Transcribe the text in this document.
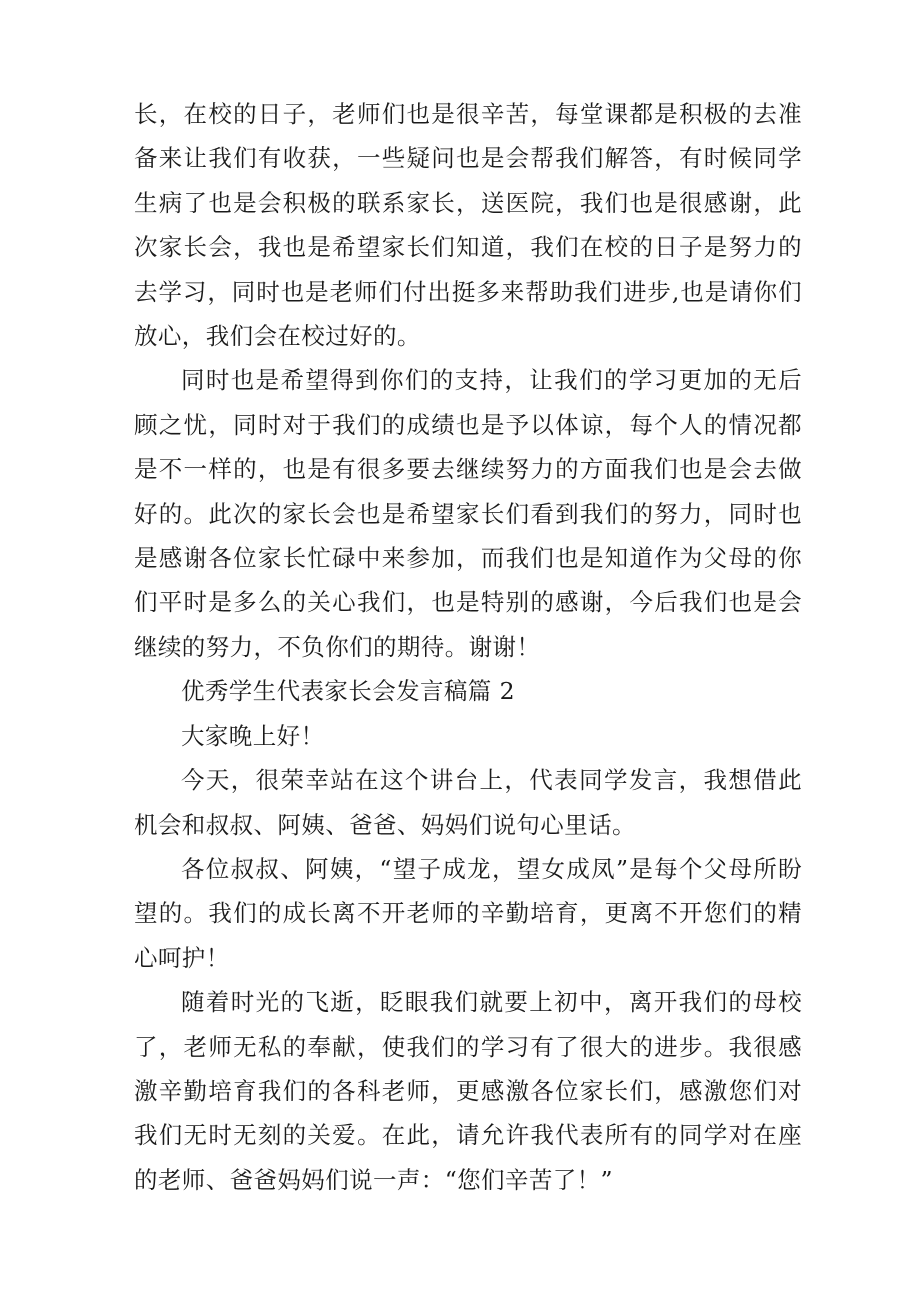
长，在校的日子，老师们也是很辛苦，每堂课都是积极的去准备来让我们有收获，一些疑问也是会帮我们解答，有时候同学生病了也是会积极的联系家长，送医院，我们也是很感谢，此次家长会，我也是希望家长们知道，我们在校的日子是努力的去学习，同时也是老师们付出挺多来帮助我们进步,也是请你们放心，我们会在校过好的。

同时也是希望得到你们的支持，让我们的学习更加的无后顾之忧，同时对于我们的成绩也是予以体谅，每个人的情况都是不一样的，也是有很多要去继续努力的方面我们也是会去做好的。此次的家长会也是希望家长们看到我们的努力，同时也是感谢各位家长忙碌中来参加，而我们也是知道作为父母的你们平时是多么的关心我们，也是特别的感谢，今后我们也是会继续的努力，不负你们的期待。谢谢！

优秀学生代表家长会发言稿篇 2

大家晚上好！

今天，很荣幸站在这个讲台上，代表同学发言，我想借此机会和叔叔、阿姨、爸爸、妈妈们说句心里话。

各位叔叔、阿姨，“望子成龙，望女成凤”是每个父母所盼望的。我们的成长离不开老师的辛勤培育，更离不开您们的精心呵护！

随着时光的飞逝，眨眼我们就要上初中，离开我们的母校了，老师无私的奉献，使我们的学习有了很大的进步。我很感激辛勤培育我们的各科老师，更感激各位家长们，感激您们对我们无时无刻的关爱。在此，请允许我代表所有的同学对在座的老师、爸爸妈妈们说一声：“您们辛苦了！”
